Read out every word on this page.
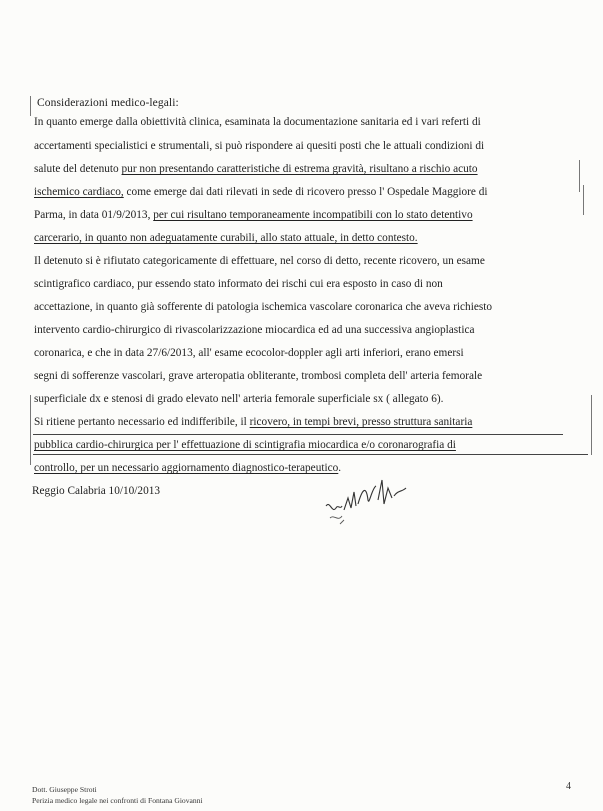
Considerazioni medico-legali:
In quanto emerge dalla obiettività clinica, esaminata la documentazione sanitaria ed i vari referti di
accertamenti specialistici e strumentali, si può rispondere ai quesiti posti che le attuali condizioni di
salute del detenuto pur non presentando caratteristiche di estrema gravità, risultano a rischio acuto
ischemico cardiaco, come emerge dai dati rilevati in sede di ricovero presso l' Ospedale Maggiore di
Parma, in data 01/9/2013, per cui risultano temporaneamente incompatibili con lo stato detentivo
carcerario, in quanto non adeguatamente curabili, allo stato attuale, in detto contesto.
Il detenuto si è rifiutato categoricamente di effettuare, nel corso di detto, recente ricovero, un esame
scintigrafico cardiaco, pur essendo stato informato dei rischi cui era esposto in caso di non
accettazione, in quanto già sofferente di patologia ischemica vascolare coronarica che aveva richiesto
intervento cardio-chirurgico di rivascolarizzazione miocardica ed ad una successiva angioplastica
coronarica, e che in data 27/6/2013, all' esame ecocolor-doppler agli arti inferiori, erano emersi
segni di sofferenze vascolari, grave arteropatia obliterante, trombosi completa dell' arteria femorale
superficiale dx e stenosi di grado elevato nell' arteria femorale superficiale sx ( allegato 6).
Si ritiene pertanto necessario ed indifferibile, il ricovero, in tempi brevi, presso struttura sanitaria
pubblica cardio-chirurgica per l' effettuazione di scintigrafia miocardica e/o coronarografia di
controllo, per un necessario aggiornamento diagnostico-terapeutico.
Reggio Calabria 10/10/2013
Dott. Giuseppe Stroti
Perizia medico legale nei confronti di Fontana Giovanni
4
